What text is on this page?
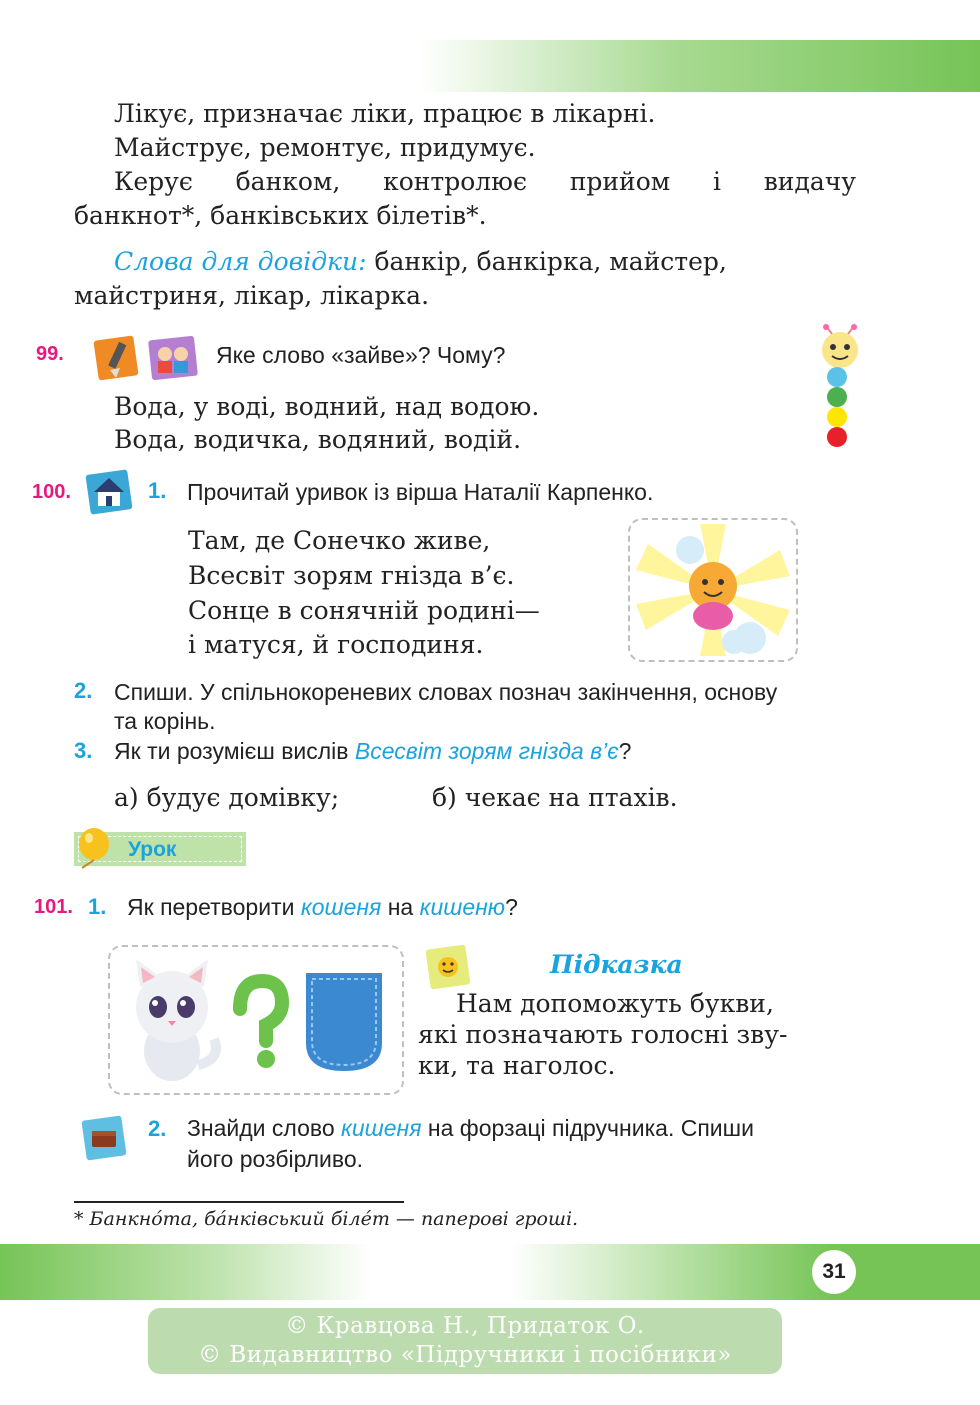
Лікує, призначає ліки, працює в лікарні.
Майструє, ремонтує, придумує.
Керує банком, контролює прийом і видачу
банкнот*, банківських білетів*.
Слова для довідки: банкір, банкірка, майстер,
майстриня, лікар, лікарка.
99.	Яке слово «зайве»? Чому?
Вода, у воді, водний, над водою.
Вода, водичка, водяний, водій.
100.	1. Прочитай уривок із вірша Наталії Карпенко.
Там, де Сонечко живе,
Всесвіт зорям гнізда в’є.
Сонце в сонячній родині—
і матуся, й господиня.
2. Спиши. У спільнокореневих словах познач закінчення, основу
та корінь.
3. Як ти розумієш вислів Всесвіт зорям гнізда в’є?
а) будує домівку;	б) чекає на птахів.
Урок
101. 1. Як перетворити кошеня на кишеню?
Підказка
Нам допоможуть букви,
які позначають голосні зву-
ки, та наголос.
2. Знайди слово кишеня на форзаці підручника. Спиши
його розбірливо.
* Банкно́та, ба́нківський біле́т — паперові гроші.
31
© Кравцова Н., Придаток О.
© Видавництво «Підручники і посібники»
